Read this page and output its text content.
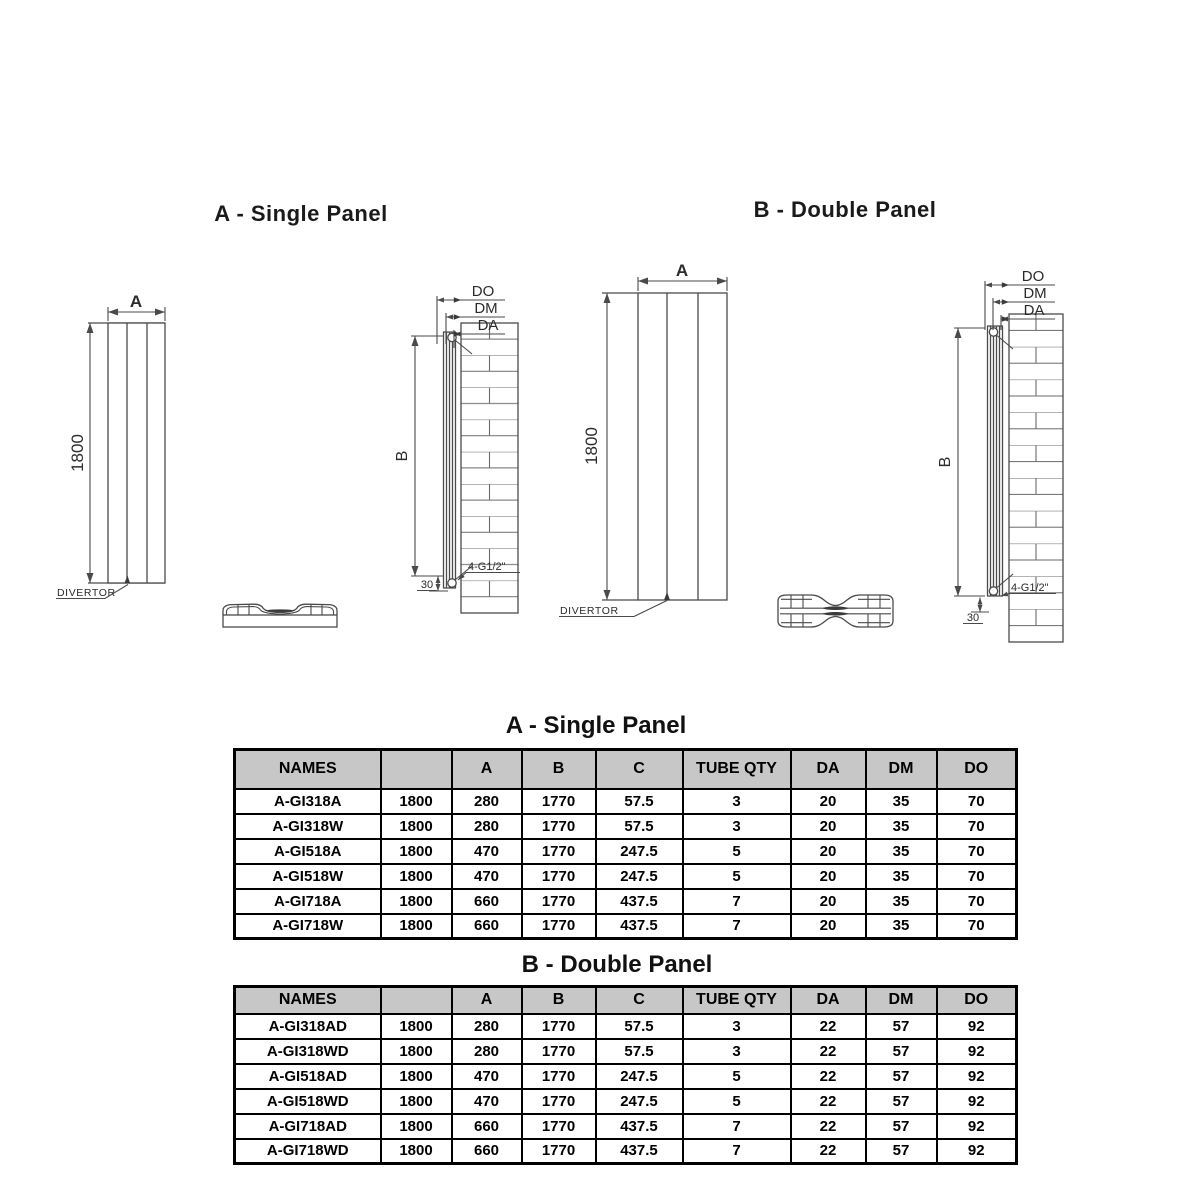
A
1800
DIVERTOR
DO
DM
DA
B
30
4-G1/2"
A
1800
DIVERTOR
DO
DM
DA
B
30
4-G1/2"
A - Single Panel	B - Double Panel
A - Single Panel
NAMES		A	B	C	TUBE QTY	DA	DM	DO
A-GI318A	1800	280	1770	57.5	3	20	35	70
A-GI318W	1800	280	1770	57.5	3	20	35	70
A-GI518A	1800	470	1770	247.5	5	20	35	70
A-GI518W	1800	470	1770	247.5	5	20	35	70
A-GI718A	1800	660	1770	437.5	7	20	35	70
A-GI718W	1800	660	1770	437.5	7	20	35	70
B - Double Panel
NAMES		A	B	C	TUBE QTY	DA	DM	DO
A-GI318AD	1800	280	1770	57.5	3	22	57	92
A-GI318WD	1800	280	1770	57.5	3	22	57	92
A-GI518AD	1800	470	1770	247.5	5	22	57	92
A-GI518WD	1800	470	1770	247.5	5	22	57	92
A-GI718AD	1800	660	1770	437.5	7	22	57	92
A-GI718WD	1800	660	1770	437.5	7	22	57	92
